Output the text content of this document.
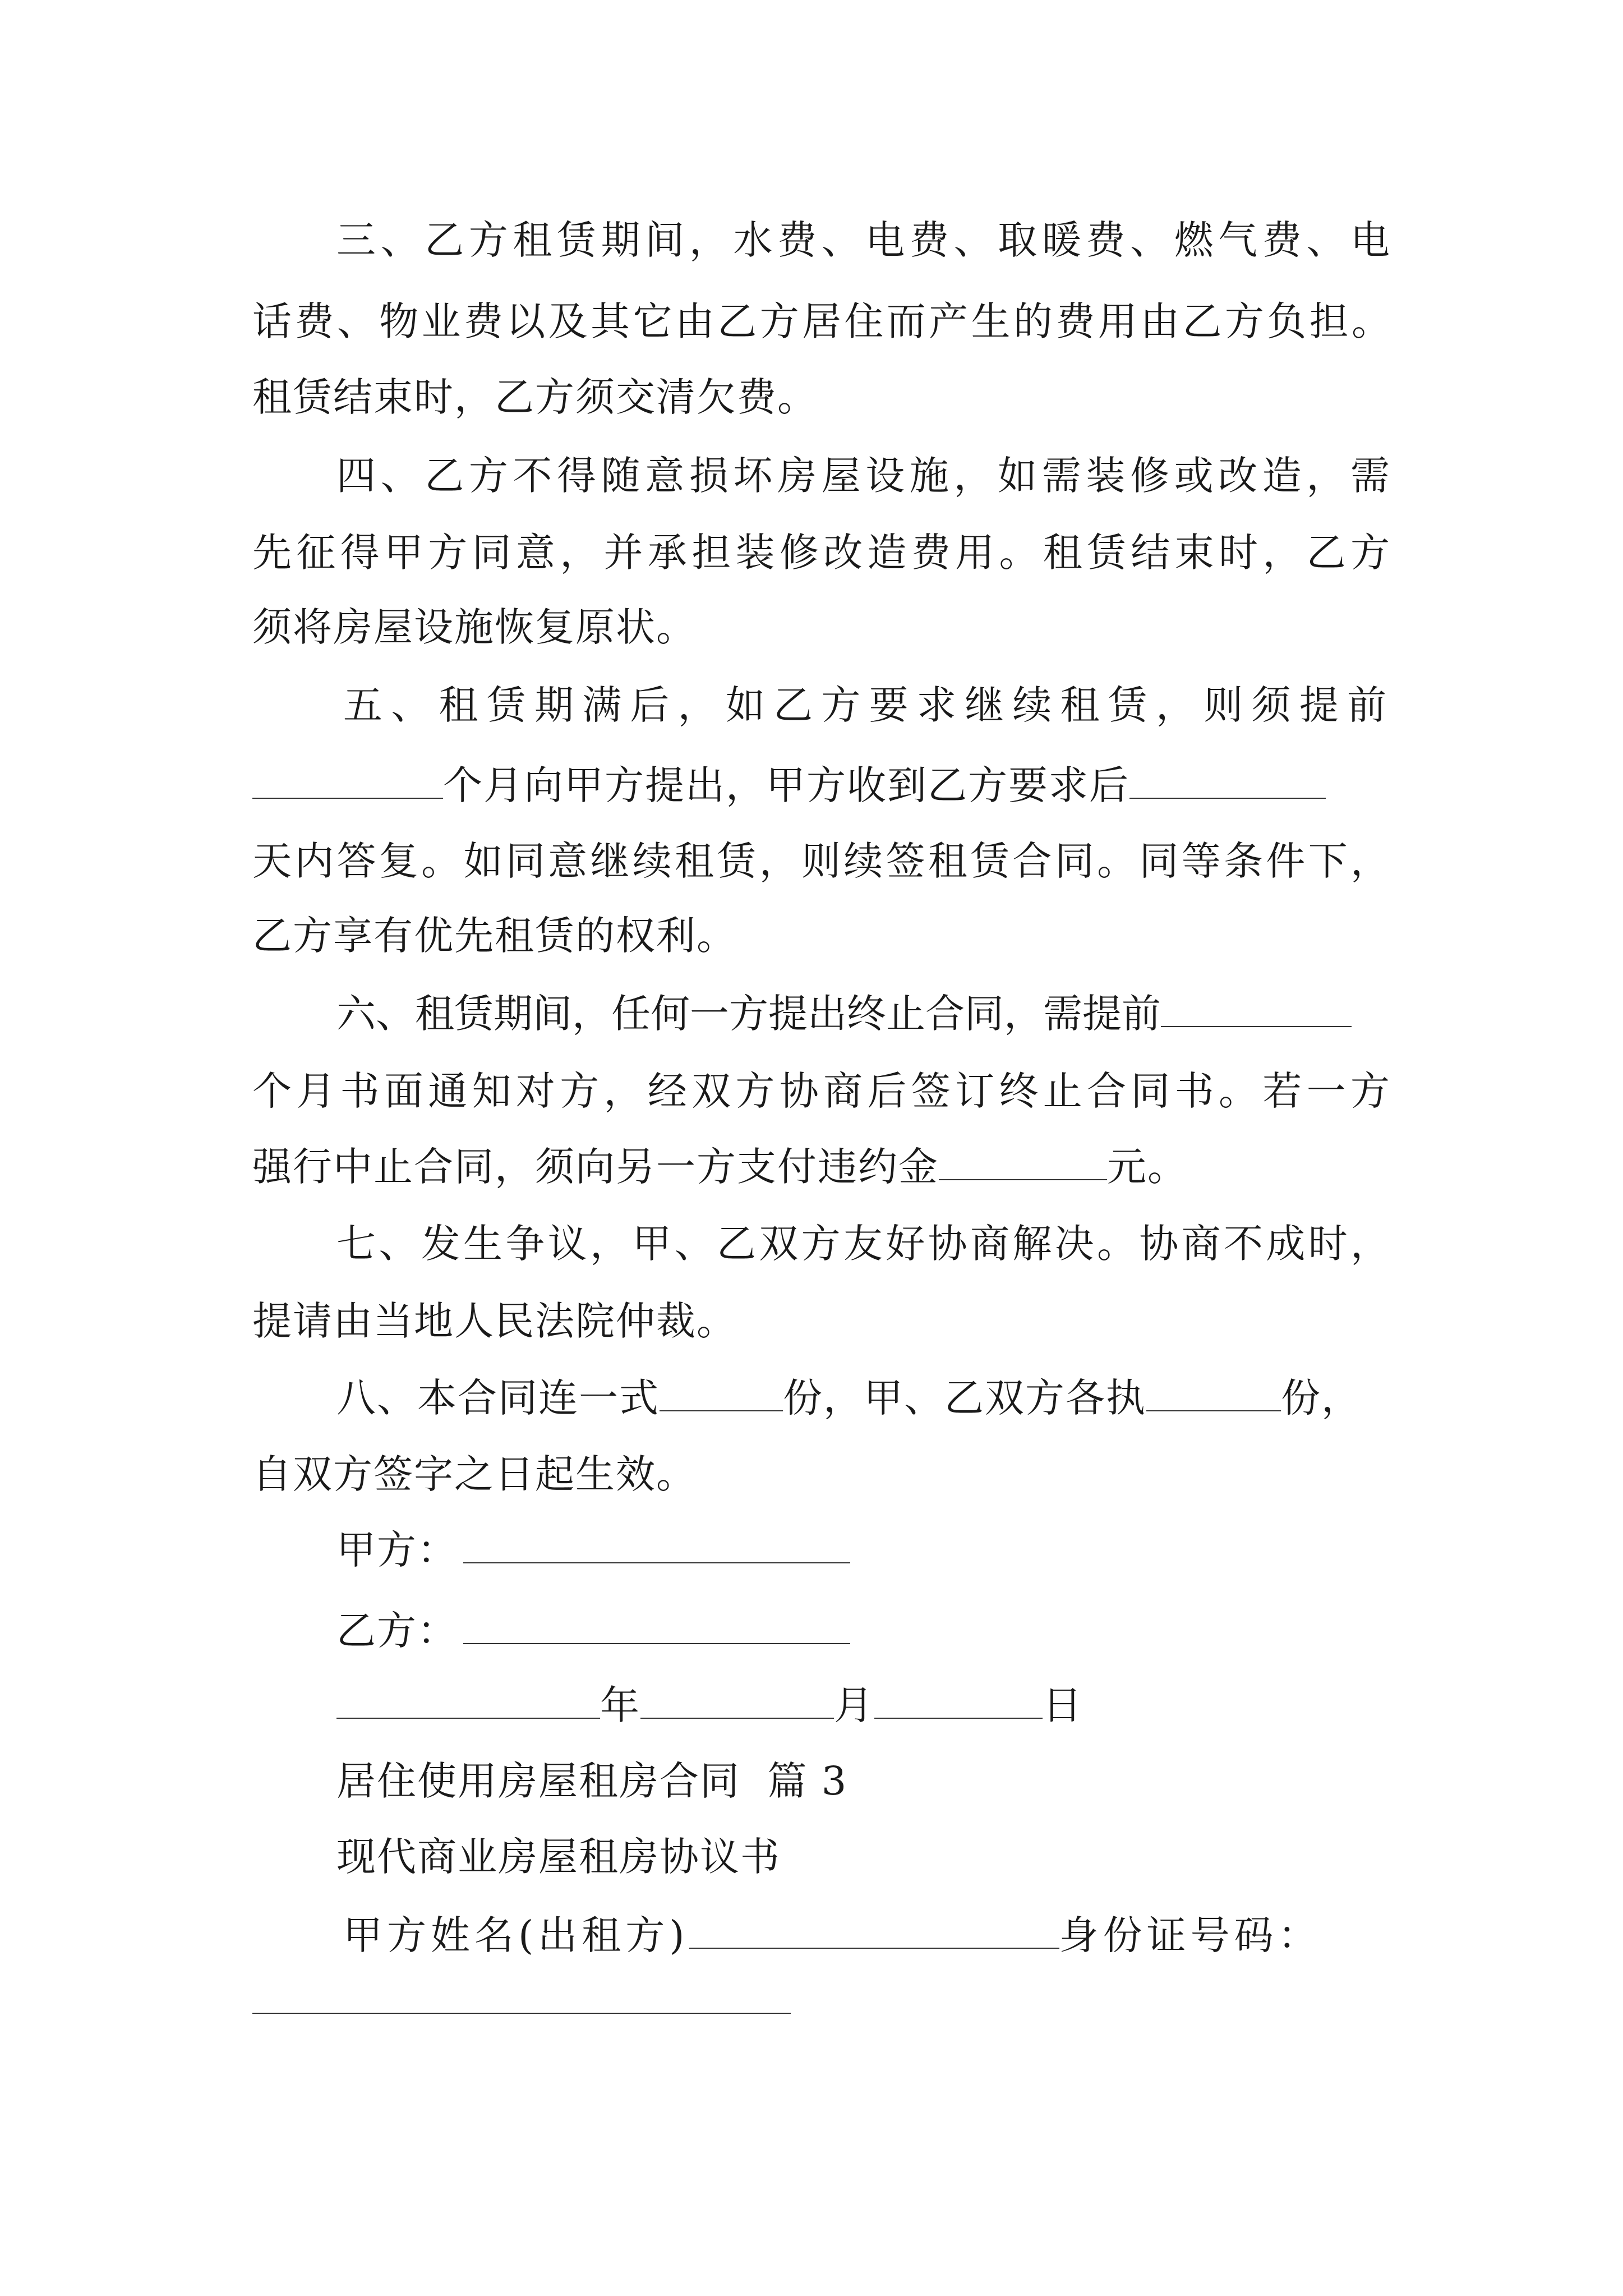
三、乙方租赁期间，水费、电费、取暖费、燃气费、电
话费、物业费以及其它由乙方居住而产生的费用由乙方负担。
租赁结束时，乙方须交清欠费。
四、乙方不得随意损坏房屋设施，如需装修或改造，需
先征得甲方同意，并承担装修改造费用。租赁结束时，乙方
须将房屋设施恢复原状。
五、租赁期满后，如乙方要求继续租赁，则须提前
个月向甲方提出，甲方收到乙方要求后
天内答复。如同意继续租赁，则续签租赁合同。同等条件下，
乙方享有优先租赁的权利。
六、租赁期间，任何一方提出终止合同，需提前
个月书面通知对方，经双方协商后签订终止合同书。若一方
强行中止合同，须向另一方支付违约金	元。
七、发生争议，甲、乙双方友好协商解决。协商不成时，
提请由当地人民法院仲裁。
八、本合同连一式	份，甲、乙双方各执	份，
自双方签字之日起生效。
甲方：
乙方：
年	月	日
居住使用房屋租房合同  篇 3
现代商业房屋租房协议书
甲方姓名(出租方)	身份证号码：
